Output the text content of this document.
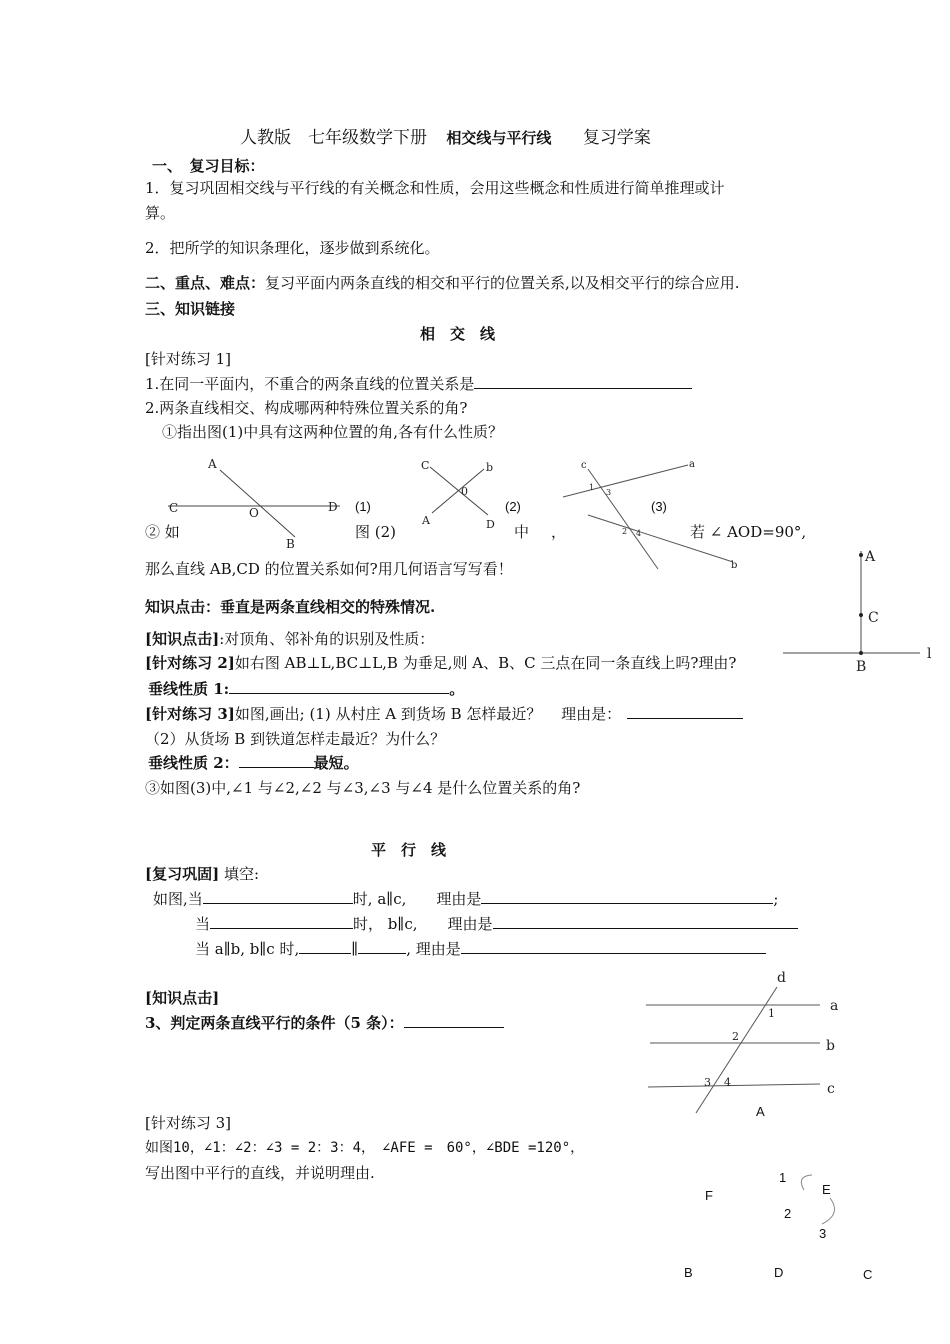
人教版　七年级数学下册 相交线与平行线 复习学案
一、　复习目标：
1．复习巩固相交线与平行线的有关概念和性质，会用这些概念和性质进行简单推理或计
算。
2．把所学的知识条理化，逐步做到系统化。
二、重点、难点：复习平面内两条直线的相交和平行的位置关系,以及相交平行的综合应用.
三、知识链接
相　交　线
[针对练习 1]
1.在同一平面内，不重合的两条直线的位置关系是
2.两条直线相交、构成哪两种特殊位置关系的角?
①指出图(1)中具有这两种位置的角,各有什么性质？
A
C	D
O
B
(1)
C	b
0
A	D
(2)
c	a
1
3
2 4
b
(3)
② 如	图 (2)	中 ，	若 ∠ AOD=90°,
那么直线 AB,CD 的位置关系如何?用几何语言写写看！
知识点击：垂直是两条直线相交的特殊情况.
[知识点击]:对顶角、邻补角的识别及性质：
[针对练习 2]如右图 AB⊥L,BC⊥L,B 为垂足,则 A、B、C 三点在同一条直线上吗?理由?
垂线性质 1:	。
[针对练习 3]如图,画出; (1) 从村庄 A 到货场 B 怎样最近？　 理由是：
（2）从货场 B 到铁道怎样走最近？为什么？
垂线性质 2：	最短。
③如图(3)中,∠1 与∠2,∠2 与∠3,∠3 与∠4 是什么位置关系的角?
A
C
B
l
平　行　线
[复习巩固] 填空:
如图,当	时, a∥c, 理由是	;
当	时， b∥c, 理由是
当 a∥b, b∥c 时,	∥	, 理由是
[知识点击]
3、判定两条直线平行的条件（5 条）：
d
a
b
c
1
2
3 4
A
[针对练习 3]
如图10，∠1：∠2：∠3 = 2：3：4，　∠AFE =　60°，∠BDE =120°，
写出图中平行的直线，并说明理由.	1
E
F
2
3
B	D	C
